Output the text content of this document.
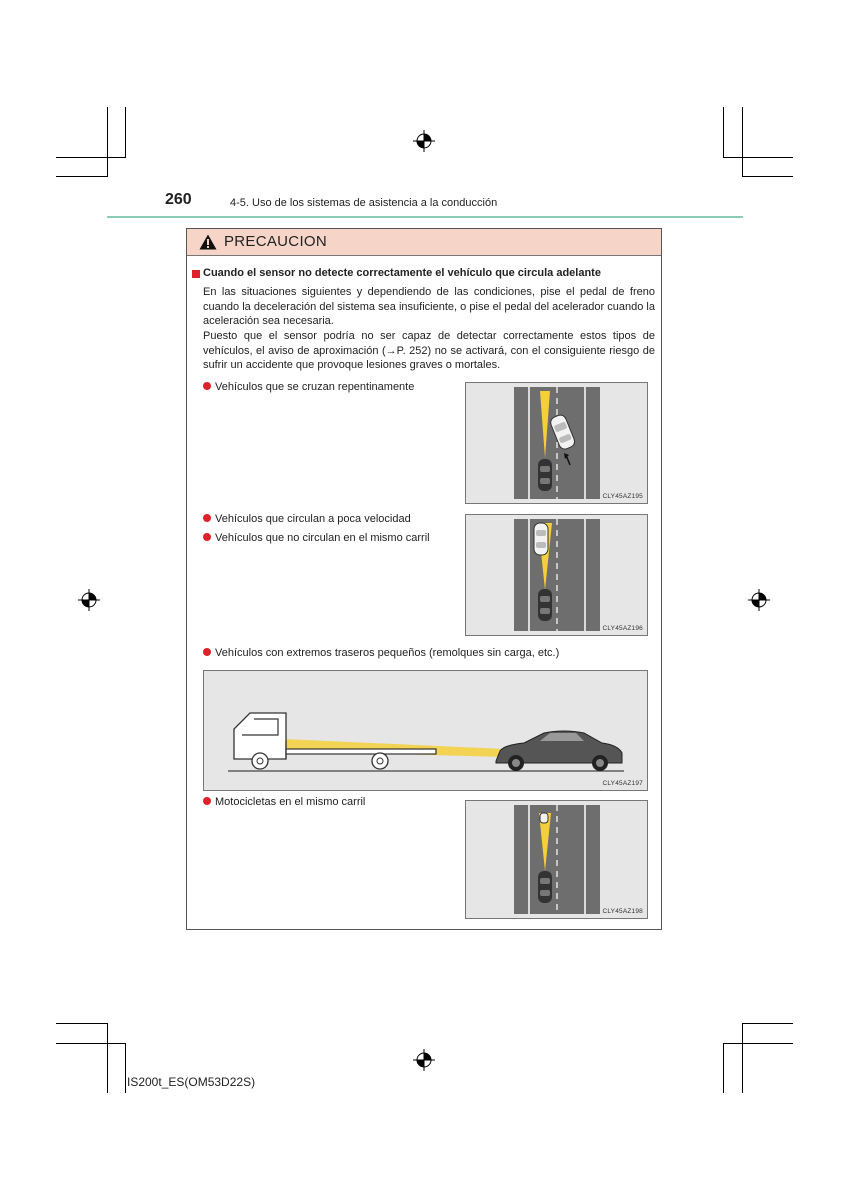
260	4-5. Uso de los sistemas de asistencia a la conducción
PRECAUCION
Cuando el sensor no detecte correctamente el vehículo que circula adelante

En las situaciones siguientes y dependiendo de las condiciones, pise el pedal de freno cuando la deceleración del sistema sea insuficiente, o pise el pedal del acelerador cuando la aceleración sea necesaria.

Puesto que el sensor podría no ser capaz de detectar correctamente estos tipos de vehículos, el aviso de aproximación (→P. 252) no se activará, con el consiguiente riesgo de sufrir un accidente que provoque lesiones graves o mortales.

Vehículos que se cruzan repentinamente
Vehículos que circulan a poca velocidad
Vehículos que no circulan en el mismo carril
Vehículos con extremos traseros pequeños (remolques sin carga, etc.)
Motocicletas en el mismo carril
CLY45AZ195
CLY45AZ196
CLY45AZ197
CLY45AZ198
IS200t_ES(OM53D22S)
